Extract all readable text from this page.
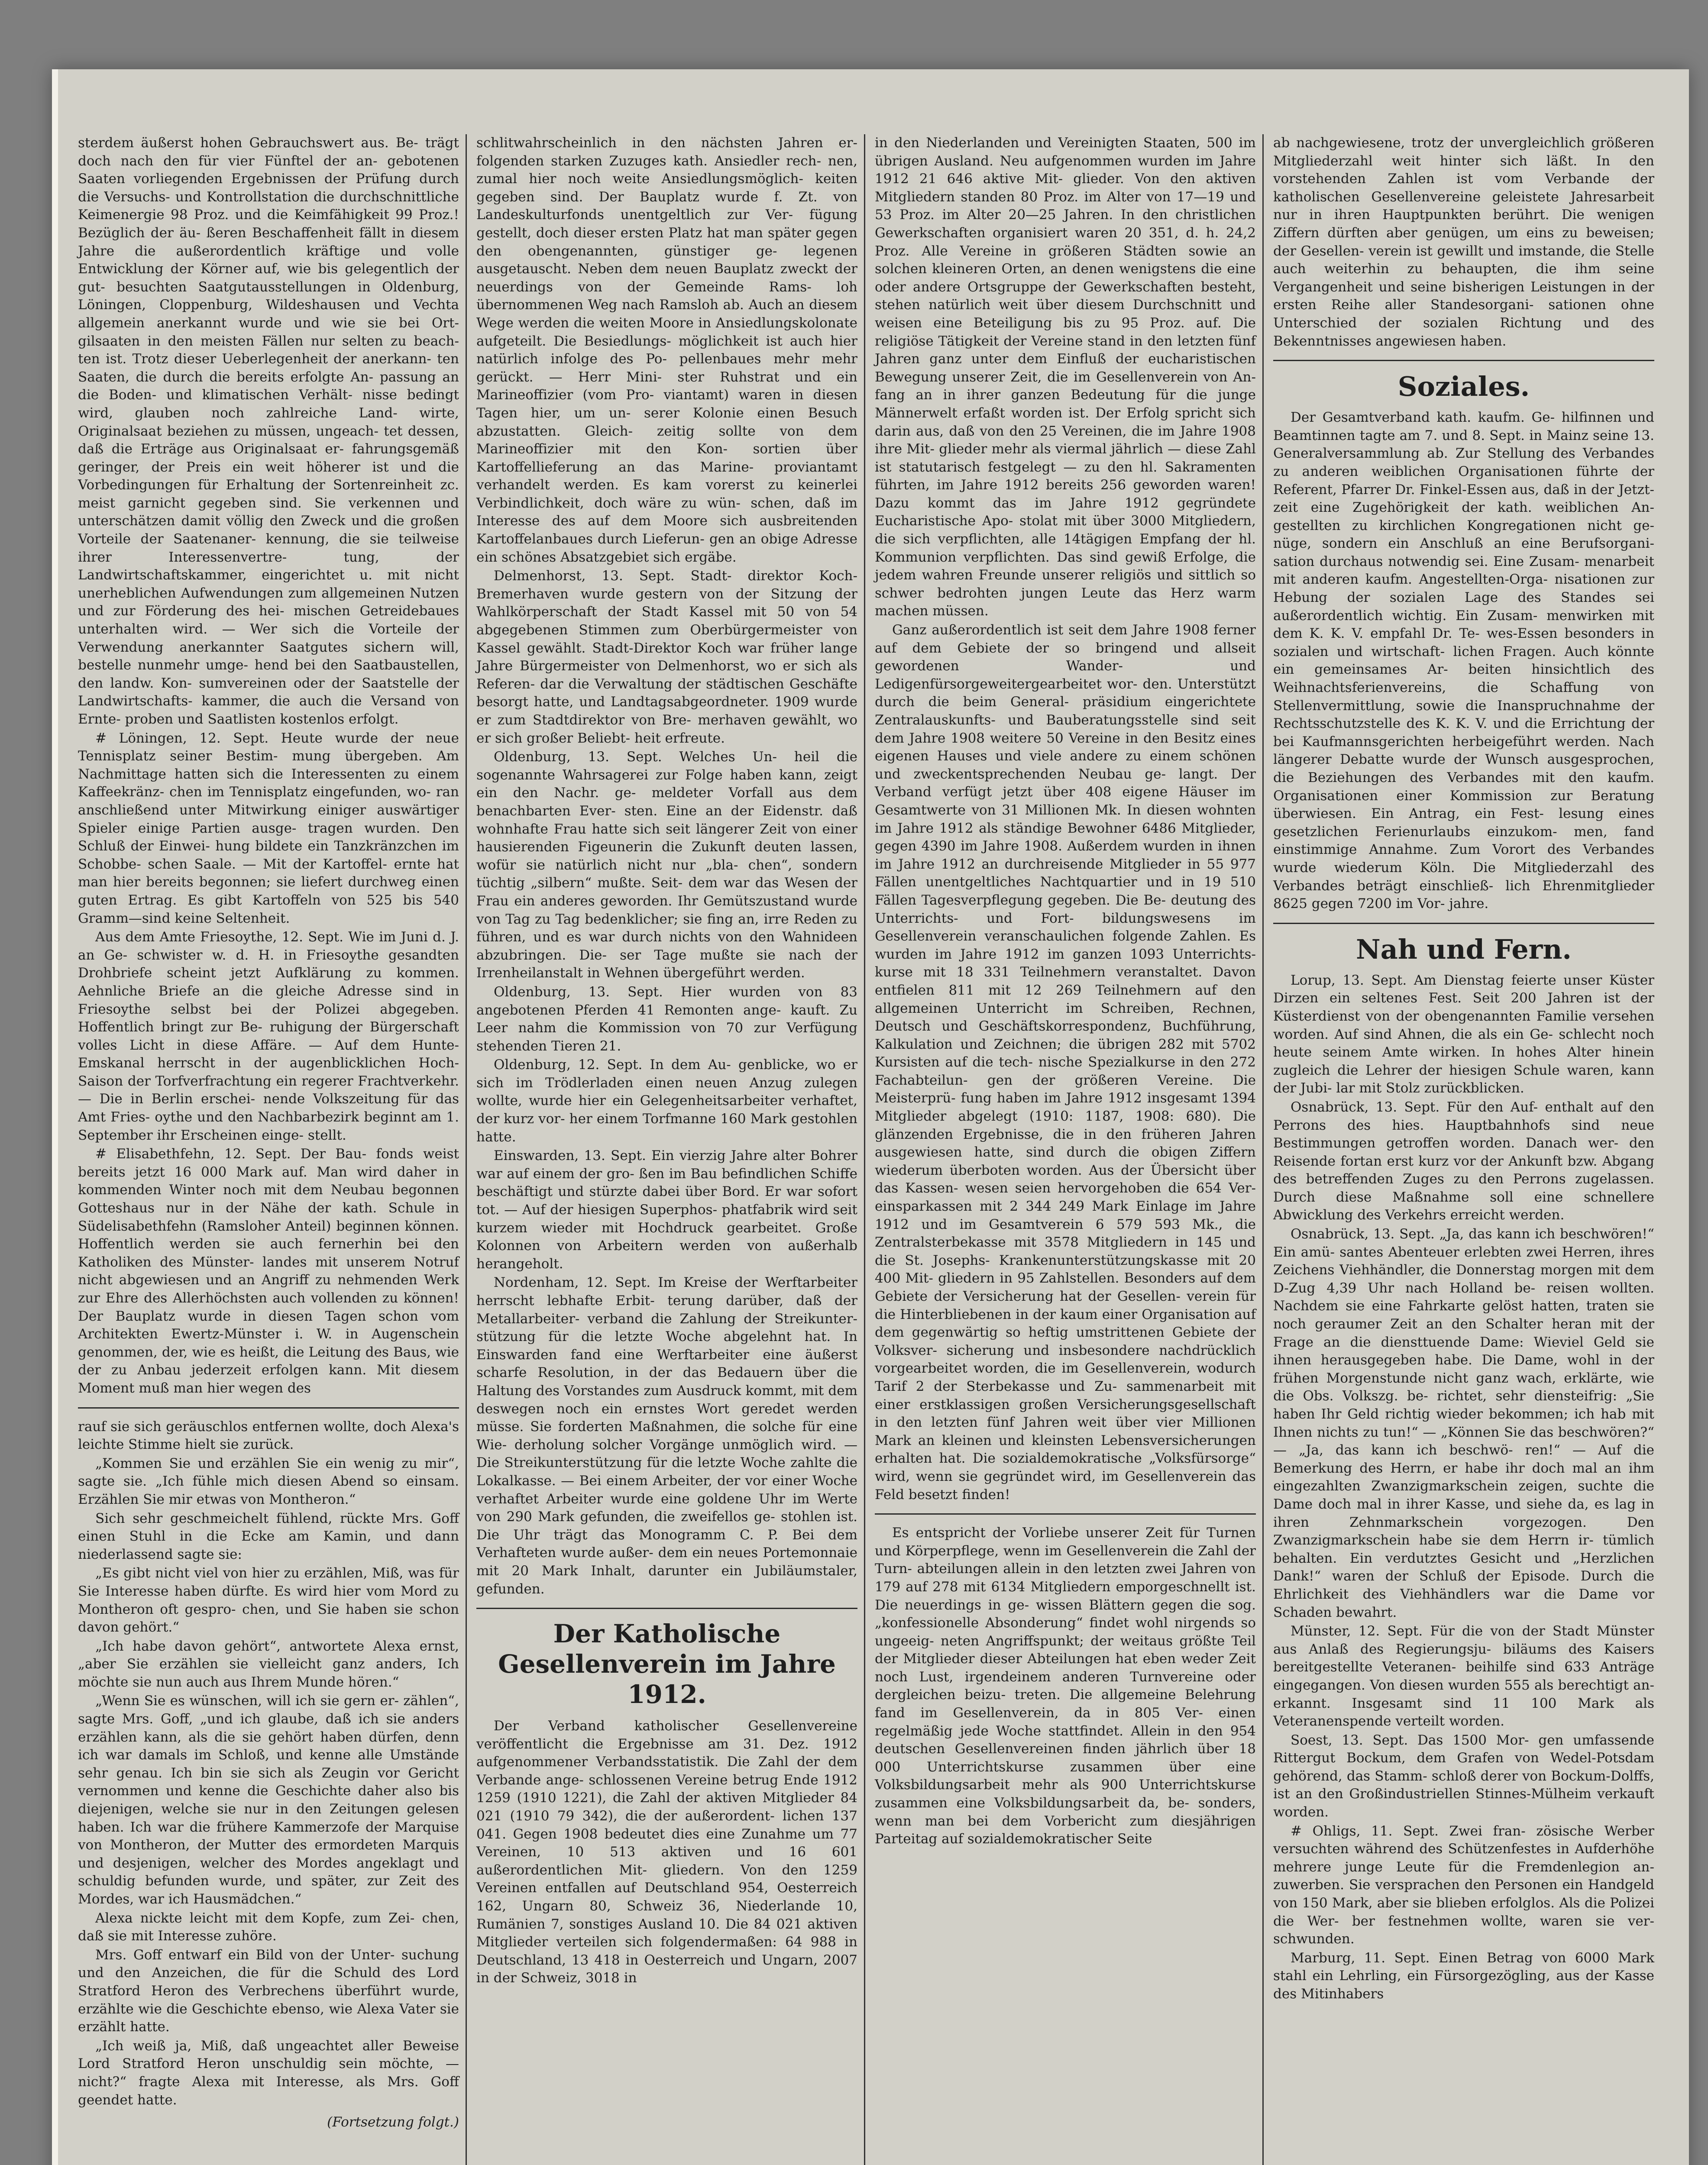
sterdem äußerst hohen Gebrauchswert aus. Be- trägt doch nach den für vier Fünftel der an- gebotenen Saaten vorliegenden Ergebnissen der Prüfung durch die Versuchs- und Kontrollstation die durchschnittliche Keimenergie 98 Proz. und die Keimfähigkeit 99 Proz.! Bezüglich der äu- ßeren Beschaffenheit fällt in diesem Jahre die außerordentlich kräftige und volle Entwicklung der Körner auf, wie bis gelegentlich der gut- besuchten Saatgutausstellungen in Oldenburg, Löningen, Cloppenburg, Wildeshausen und Vechta allgemein anerkannt wurde und wie sie bei Ort- gilsaaten in den meisten Fällen nur selten zu beach- ten ist. Trotz dieser Ueberlegenheit der anerkann- ten Saaten, die durch die bereits erfolgte An- passung an die Boden- und klimatischen Verhält- nisse bedingt wird, glauben noch zahlreiche Land- wirte, Originalsaat beziehen zu müssen, ungeach- tet dessen, daß die Erträge aus Originalsaat er- fahrungsgemäß geringer, der Preis ein weit höherer ist und die Vorbedingungen für Erhaltung der Sortenreinheit zc. meist garnicht gegeben sind. Sie verkennen und unterschätzen damit völlig den Zweck und die großen Vorteile der Saatenaner- kennung, die sie teilweise ihrer Interessenvertre- tung, der Landwirtschaftskammer, eingerichtet u. mit nicht unerheblichen Aufwendungen zum allgemeinen Nutzen und zur Förderung des hei- mischen Getreidebaues unterhalten wird. — Wer sich die Vorteile der Verwendung anerkannter Saatgutes sichern will, bestelle nunmehr umge- hend bei den Saatbaustellen, den landw. Kon- sumvereinen oder der Saatstelle der Landwirtschafts- kammer, die auch die Versand von Ernte- proben und Saatlisten kostenlos erfolgt.

# Löningen, 12. Sept. Heute wurde der neue Tennisplatz seiner Bestim- mung übergeben. Am Nachmittage hatten sich die Interessenten zu einem Kaffeekränz- chen im Tennisplatz eingefunden, wo- ran anschließend unter Mitwirkung einiger auswärtiger Spieler einige Partien ausge- tragen wurden. Den Schluß der Einwei- hung bildete ein Tanzkränzchen im Schobbe- schen Saale. — Mit der Kartoffel- ernte hat man hier bereits begonnen; sie liefert durchweg einen guten Ertrag. Es gibt Kartoffeln von 525 bis 540 Gramm—sind keine Seltenheit.

Aus dem Amte Friesoythe, 12. Sept. Wie im Juni d. J. an Ge- schwister w. d. H. in Friesoythe gesandten Drohbriefe scheint jetzt Aufklärung zu kommen. Aehnliche Briefe an die gleiche Adresse sind in Friesoythe selbst bei der Polizei abgegeben. Hoffentlich bringt zur Be- ruhigung der Bürgerschaft volles Licht in diese Affäre. — Auf dem Hunte-Emskanal herrscht in der augenblicklichen Hoch-Saison der Torfverfrachtung ein regerer Frachtverkehr. — Die in Berlin erschei- nende Volkszeitung für das Amt Fries- oythe und den Nachbarbezirk beginnt am 1. September ihr Erscheinen einge- stellt.

# Elisabethfehn, 12. Sept. Der Bau- fonds weist bereits jetzt 16 000 Mark auf. Man wird daher in kommenden Winter noch mit dem Neubau begonnen Gotteshaus nur in der Nähe der kath. Schule in Südelisabethfehn (Ramsloher Anteil) beginnen können. Hoffentlich werden sie auch fernerhin bei den Katholiken des Münster- landes mit unserem Notruf nicht abgewiesen und an Angriff zu nehmenden Werk zur Ehre des Allerhöchsten auch vollenden zu können! Der Bauplatz wurde in diesen Tagen schon vom Architekten Ewertz-Münster i. W. in Augenschein genommen, der, wie es heißt, die Leitung des Baus, wie der zu Anbau jederzeit erfolgen kann. Mit diesem Moment muß man hier wegen des

rauf sie sich geräuschlos entfernen wollte, doch Alexa's leichte Stimme hielt sie zurück.

„Kommen Sie und erzählen Sie ein wenig zu mir“, sagte sie. „Ich fühle mich diesen Abend so einsam. Erzählen Sie mir etwas von Montheron.“

Sich sehr geschmeichelt fühlend, rückte Mrs. Goff einen Stuhl in die Ecke am Kamin, und dann niederlassend sagte sie:

„Es gibt nicht viel von hier zu erzählen, Miß, was für Sie Interesse haben dürfte. Es wird hier vom Mord zu Montheron oft gespro- chen, und Sie haben sie schon davon gehört.“

„Ich habe davon gehört“, antwortete Alexa ernst, „aber Sie erzählen sie vielleicht ganz anders, Ich möchte sie nun auch aus Ihrem Munde hören.“

„Wenn Sie es wünschen, will ich sie gern er- zählen“, sagte Mrs. Goff, „und ich glaube, daß ich sie anders erzählen kann, als die sie gehört haben dürfen, denn ich war damals im Schloß, und kenne alle Umstände sehr genau. Ich bin sie sich als Zeugin vor Gericht vernommen und kenne die Geschichte daher also bis diejenigen, welche sie nur in den Zeitungen gelesen haben. Ich war die frühere Kammerzofe der Marquise von Montheron, der Mutter des ermordeten Marquis und desjenigen, welcher des Mordes angeklagt und schuldig befunden wurde, und später, zur Zeit des Mordes, war ich Hausmädchen.“

Alexa nickte leicht mit dem Kopfe, zum Zei- chen, daß sie mit Interesse zuhöre.

Mrs. Goff entwarf ein Bild von der Unter- suchung und den Anzeichen, die für die Schuld des Lord Stratford Heron des Verbrechens überführt wurde, erzählte wie die Geschichte ebenso, wie Alexa Vater sie erzählt hatte.

„Ich weiß ja, Miß, daß ungeachtet aller Beweise Lord Stratford Heron unschuldig sein möchte, — nicht?“ fragte Alexa mit Interesse, als Mrs. Goff geendet hatte.

(Fortsetzung folgt.)

schlitwahrscheinlich in den nächsten Jahren er- folgenden starken Zuzuges kath. Ansiedler rech- nen, zumal hier noch weite Ansiedlungsmöglich- keiten gegeben sind. Der Bauplatz wurde f. Zt. von Landeskulturfonds unentgeltlich zur Ver- fügung gestellt, doch dieser ersten Platz hat man später gegen den obengenannten, günstiger ge- legenen ausgetauscht. Neben dem neuen Bauplatz zweckt der neuerdings von der Gemeinde Rams- loh übernommenen Weg nach Ramsloh ab. Auch an diesem Wege werden die weiten Moore in Ansiedlungskolonate aufgeteilt. Die Besiedlungs- möglichkeit ist auch hier natürlich infolge des Po- pellenbaues mehr mehr gerückt. — Herr Mini- ster Ruhstrat und ein Marineoffizier (vom Pro- viantamt) waren in diesen Tagen hier, um un- serer Kolonie einen Besuch abzustatten. Gleich- zeitig sollte von dem Marineoffizier mit den Kon- sortien über Kartoffellieferung an das Marine- proviantamt verhandelt werden. Es kam vorerst zu keinerlei Verbindlichkeit, doch wäre zu wün- schen, daß im Interesse des auf dem Moore sich ausbreitenden Kartoffelanbaues durch Lieferun- gen an obige Adresse ein schönes Absatzgebiet sich ergäbe.

Delmenhorst, 13. Sept. Stadt- direktor Koch-Bremerhaven wurde gestern von der Sitzung der Wahlkörperschaft der Stadt Kassel mit 50 von 54 abgegebenen Stimmen zum Oberbürgermeister von Kassel gewählt. Stadt-Direktor Koch war früher lange Jahre Bürgermeister von Delmenhorst, wo er sich als Referen- dar die Verwaltung der städtischen Geschäfte besorgt hatte, und Landtagsabgeordneter. 1909 wurde er zum Stadtdirektor von Bre- merhaven gewählt, wo er sich großer Beliebt- heit erfreute.

Oldenburg, 13. Sept. Welches Un- heil die sogenannte Wahrsagerei zur Folge haben kann, zeigt ein den Nachr. ge- meldeter Vorfall aus dem benachbarten Ever- sten. Eine an der Eidenstr. daß wohnhafte Frau hatte sich seit längerer Zeit von einer hausierenden Figeunerin die Zukunft deuten lassen, wofür sie natürlich nicht nur „bla- chen“, sondern tüchtig „silbern“ mußte. Seit- dem war das Wesen der Frau ein anderes geworden. Ihr Gemütszustand wurde von Tag zu Tag bedenklicher; sie fing an, irre Reden zu führen, und es war durch nichts von den Wahnideen abzubringen. Die- ser Tage mußte sie nach der Irrenheilanstalt in Wehnen übergeführt werden.

Oldenburg, 13. Sept. Hier wurden von 83 angebotenen Pferden 41 Remonten ange- kauft. Zu Leer nahm die Kommission von 70 zur Verfügung stehenden Tieren 21.

Oldenburg, 12. Sept. In dem Au- genblicke, wo er sich im Trödlerladen einen neuen Anzug zulegen wollte, wurde hier ein Gelegenheitsarbeiter verhaftet, der kurz vor- her einem Torfmanne 160 Mark gestohlen hatte.

Einswarden, 13. Sept. Ein vierzig Jahre alter Bohrer war auf einem der gro- ßen im Bau befindlichen Schiffe beschäftigt und stürzte dabei über Bord. Er war sofort tot. — Auf der hiesigen Superphos- phatfabrik wird seit kurzem wieder mit Hochdruck gearbeitet. Große Kolonnen von Arbeitern werden von außerhalb herangeholt.

Nordenham, 12. Sept. Im Kreise der Werftarbeiter herrscht lebhafte Erbit- terung darüber, daß der Metallarbeiter- verband die Zahlung der Streikunter- stützung für die letzte Woche abgelehnt hat. In Einswarden fand eine Werftarbeiter eine äußerst scharfe Resolution, in der das Bedauern über die Haltung des Vorstandes zum Ausdruck kommt, mit dem deswegen noch ein ernstes Wort geredet werden müsse. Sie forderten Maßnahmen, die solche für eine Wie- derholung solcher Vorgänge unmöglich wird. — Die Streikunterstützung für die letzte Woche zahlte die Lokalkasse. — Bei einem Arbeiter, der vor einer Woche verhaftet Arbeiter wurde eine goldene Uhr im Werte von 290 Mark gefunden, die zweifellos ge- stohlen ist. Die Uhr trägt das Monogramm C. P. Bei dem Verhafteten wurde außer- dem ein neues Portemonnaie mit 20 Mark Inhalt, darunter ein Jubiläumstaler, gefunden.

Der Katholische Gesellenverein im Jahre 1912.

Der Verband katholischer Gesellenvereine veröffentlicht die Ergebnisse am 31. Dez. 1912 aufgenommener Verbandsstatistik. Die Zahl der dem Verbande ange- schlossenen Vereine betrug Ende 1912 1259 (1910 1221), die Zahl der aktiven Mitglieder 84 021 (1910 79 342), die der außerordent- lichen 137 041. Gegen 1908 bedeutet dies eine Zunahme um 77 Vereinen, 10 513 aktiven und 16 601 außerordentlichen Mit- gliedern. Von den 1259 Vereinen entfallen auf Deutschland 954, Oesterreich 162, Ungarn 80, Schweiz 36, Niederlande 10, Rumänien 7, sonstiges Ausland 10. Die 84 021 aktiven Mitglieder verteilen sich folgendermaßen: 64 988 in Deutschland, 13 418 in Oesterreich und Ungarn, 2007 in der Schweiz, 3018 in

in den Niederlanden und Vereinigten Staaten, 500 im übrigen Ausland. Neu aufgenommen wurden im Jahre 1912 21 646 aktive Mit- glieder. Von den aktiven Mitgliedern standen 80 Proz. im Alter von 17—19 und 53 Proz. im Alter 20—25 Jahren. In den christlichen Gewerkschaften organisiert waren 20 351, d. h. 24,2 Proz. Alle Vereine in größeren Städten sowie an solchen kleineren Orten, an denen wenigstens die eine oder andere Ortsgruppe der Gewerkschaften besteht, stehen natürlich weit über diesem Durchschnitt und weisen eine Beteiligung bis zu 95 Proz. auf. Die religiöse Tätigkeit der Vereine stand in den letzten fünf Jahren ganz unter dem Einfluß der eucharistischen Bewegung unserer Zeit, die im Gesellenverein von An- fang an in ihrer ganzen Bedeutung für die junge Männerwelt erfaßt worden ist. Der Erfolg spricht sich darin aus, daß von den 25 Vereinen, die im Jahre 1908 ihre Mit- glieder mehr als viermal jährlich — diese Zahl ist statutarisch festgelegt — zu den hl. Sakramenten führten, im Jahre 1912 bereits 256 geworden waren! Dazu kommt das im Jahre 1912 gegründete Eucharistische Apo- stolat mit über 3000 Mitgliedern, die sich verpflichten, alle 14tägigen Empfang der hl. Kommunion verpflichten. Das sind gewiß Erfolge, die jedem wahren Freunde unserer religiös und sittlich so schwer bedrohten jungen Leute das Herz warm machen müssen.

Ganz außerordentlich ist seit dem Jahre 1908 ferner auf dem Gebiete der so bringend und allseit gewordenen Wander- und Ledigenfürsorgeweitergearbeitet wor- den. Unterstützt durch die beim General- präsidium eingerichtete Zentralauskunfts- und Bauberatungsstelle sind seit dem Jahre 1908 weitere 50 Vereine in den Besitz eines eigenen Hauses und viele andere zu einem schönen und zweckentsprechenden Neubau ge- langt. Der Verband verfügt jetzt über 408 eigene Häuser im Gesamtwerte von 31 Millionen Mk. In diesen wohnten im Jahre 1912 als ständige Bewohner 6486 Mitglieder, gegen 4390 im Jahre 1908. Außerdem wurden in ihnen im Jahre 1912 an durchreisende Mitglieder in 55 977 Fällen unentgeltliches Nachtquartier und in 19 510 Fällen Tagesverpflegung gegeben. Die Be- deutung des Unterrichts- und Fort- bildungswesens im Gesellenverein veranschaulichen folgende Zahlen. Es wurden im Jahre 1912 im ganzen 1093 Unterrichts- kurse mit 18 331 Teilnehmern veranstaltet. Davon entfielen 811 mit 12 269 Teilnehmern auf den allgemeinen Unterricht im Schreiben, Rechnen, Deutsch und Geschäftskorrespondenz, Buchführung, Kalkulation und Zeichnen; die übrigen 282 mit 5702 Kursisten auf die tech- nische Spezialkurse in den 272 Fachabteilun- gen der größeren Vereine. Die Meisterprü- fung haben im Jahre 1912 insgesamt 1394 Mitglieder abgelegt (1910: 1187, 1908: 680). Die glänzenden Ergebnisse, die in den früheren Jahren ausgewiesen hatte, sind durch die obigen Ziffern wiederum überboten worden. Aus der Übersicht über das Kassen- wesen seien hervorgehoben die 654 Ver- einsparkassen mit 2 344 249 Mark Einlage im Jahre 1912 und im Gesamtverein 6 579 593 Mk., die Zentralsterbekasse mit 3578 Mitgliedern in 145 und die St. Josephs- Krankenunterstützungskasse mit 20 400 Mit- gliedern in 95 Zahlstellen. Besonders auf dem Gebiete der Versicherung hat der Gesellen- verein für die Hinterbliebenen in der kaum einer Organisation auf dem gegenwärtig so heftig umstrittenen Gebiete der Volksver- sicherung und insbesondere nachdrücklich vorgearbeitet worden, die im Gesellenverein, wodurch Tarif 2 der Sterbekasse und Zu- sammenarbeit mit einer erstklassigen großen Versicherungsgesellschaft in den letzten fünf Jahren weit über vier Millionen Mark an kleinen und kleinsten Lebensversicherungen erhalten hat. Die sozialdemokratische „Volksfürsorge“ wird, wenn sie gegründet wird, im Gesellenverein das Feld besetzt finden!

Es entspricht der Vorliebe unserer Zeit für Turnen und Körperpflege, wenn im Gesellenverein die Zahl der Turn- abteilungen allein in den letzten zwei Jahren von 179 auf 278 mit 6134 Mitgliedern emporgeschnellt ist. Die neuerdings in ge- wissen Blättern gegen die sog. „konfessionelle Absonderung“ findet wohl nirgends so ungeeig- neten Angriffspunkt; der weitaus größte Teil der Mitglieder dieser Abteilungen hat eben weder Zeit noch Lust, irgendeinem anderen Turnvereine oder dergleichen beizu- treten. Die allgemeine Belehrung fand im Gesellenverein, da in 805 Ver- einen regelmäßig jede Woche stattfindet. Allein in den 954 deutschen Gesellenvereinen finden jährlich über 18 000 Unterrichtskurse zusammen über eine Volksbildungsarbeit mehr als 900 Unterrichtskurse zusammen eine Volksbildungsarbeit da, be- sonders, wenn man bei dem Vorbericht zum diesjährigen Parteitag auf sozialdemokratischer Seite

ab nachgewiesene, trotz der unvergleichlich größeren Mitgliederzahl weit hinter sich läßt. In den vorstehenden Zahlen ist vom Verbande der katholischen Gesellenvereine geleistete Jahresarbeit nur in ihren Hauptpunkten berührt. Die wenigen Ziffern dürften aber genügen, um eins zu beweisen; der Gesellen- verein ist gewillt und imstande, die Stelle auch weiterhin zu behaupten, die ihm seine Vergangenheit und seine bisherigen Leistungen in der ersten Reihe aller Standesorgani- sationen ohne Unterschied der sozialen Richtung und des Bekenntnisses angewiesen haben.

Soziales.

Der Gesamtverband kath. kaufm. Ge- hilfinnen und Beamtinnen tagte am 7. und 8. Sept. in Mainz seine 13. Generalversammlung ab. Zur Stellung des Verbandes zu anderen weiblichen Organisationen führte der Referent, Pfarrer Dr. Finkel-Essen aus, daß in der Jetzt- zeit eine Zugehörigkeit der kath. weiblichen An- gestellten zu kirchlichen Kongregationen nicht ge- nüge, sondern ein Anschluß an eine Berufsorgani- sation durchaus notwendig sei. Eine Zusam- menarbeit mit anderen kaufm. Angestellten-Orga- nisationen zur Hebung der sozialen Lage des Standes sei außerordentlich wichtig. Ein Zusam- menwirken mit dem K. K. V. empfahl Dr. Te- wes-Essen besonders in sozialen und wirtschaft- lichen Fragen. Auch könnte ein gemeinsames Ar- beiten hinsichtlich des Weihnachtsferienvereins, die Schaffung von Stellenvermittlung, sowie die Inanspruchnahme der Rechtsschutzstelle des K. K. V. und die Errichtung der bei Kaufmannsgerichten herbeigeführt werden. Nach längerer Debatte wurde der Wunsch ausgesprochen, die Beziehungen des Verbandes mit den kaufm. Organisationen einer Kommission zur Beratung überwiesen. Ein Antrag, ein Fest- lesung eines gesetzlichen Ferienurlaubs einzukom- men, fand einstimmige Annahme. Zum Vorort des Verbandes wurde wiederum Köln. Die Mitgliederzahl des Verbandes beträgt einschließ- lich Ehrenmitglieder 8625 gegen 7200 im Vor- jahre.

Nah und Fern.

Lorup, 13. Sept. Am Dienstag feierte unser Küster Dirzen ein seltenes Fest. Seit 200 Jahren ist der Küsterdienst von der obengenannten Familie versehen worden. Auf sind Ahnen, die als ein Ge- schlecht noch heute seinem Amte wirken. In hohes Alter hinein zugleich die Lehrer der hiesigen Schule waren, kann der Jubi- lar mit Stolz zurückblicken.

Osnabrück, 13. Sept. Für den Auf- enthalt auf den Perrons des hies. Hauptbahnhofs sind neue Bestimmungen getroffen worden. Danach wer- den Reisende fortan erst kurz vor der Ankunft bzw. Abgang des betreffenden Zuges zu den Perrons zugelassen. Durch diese Maßnahme soll eine schnellere Abwicklung des Verkehrs erreicht werden.

Osnabrück, 13. Sept. „Ja, das kann ich beschwören!“ Ein amü- santes Abenteuer erlebten zwei Herren, ihres Zeichens Viehhändler, die Donnerstag morgen mit dem D-Zug 4,39 Uhr nach Holland be- reisen wollten. Nachdem sie eine Fahrkarte gelöst hatten, traten sie noch geraumer Zeit an den Schalter heran mit der Frage an die diensttuende Dame: Wieviel Geld sie ihnen herausgegeben habe. Die Dame, wohl in der frühen Morgenstunde nicht ganz wach, erklärte, wie die Obs. Volkszg. be- richtet, sehr diensteifrig: „Sie haben Ihr Geld richtig wieder bekommen; ich hab mit Ihnen nichts zu tun!“ — „Können Sie das beschwören?“ — „Ja, das kann ich beschwö- ren!“ — Auf die Bemerkung des Herrn, er habe ihr doch mal an ihm eingezahlten Zwanzigmarkschein zeigen, suchte die Dame doch mal in ihrer Kasse, und siehe da, es lag in ihren Zehnmarkschein vorgezogen. Den Zwanzigmarkschein habe sie dem Herrn ir- tümlich behalten. Ein verdutztes Gesicht und „Herzlichen Dank!“ waren der Schluß der Episode. Durch die Ehrlichkeit des Viehhändlers war die Dame vor Schaden bewahrt.

Münster, 12. Sept. Für die von der Stadt Münster aus Anlaß des Regierungsju- biläums des Kaisers bereitgestellte Veteranen- beihilfe sind 633 Anträge eingegangen. Von diesen wurden 555 als berechtigt an- erkannt. Insgesamt sind 11 100 Mark als Veteranenspende verteilt worden.

Soest, 13. Sept. Das 1500 Mor- gen umfassende Rittergut Bockum, dem Grafen von Wedel-Potsdam gehörend, das Stamm- schloß derer von Bockum-Dolffs, ist an den Großindustriellen Stinnes-Mülheim verkauft worden.

# Ohligs, 11. Sept. Zwei fran- zösische Werber versuchten während des Schützenfestes in Aufderhöhe mehrere junge Leute für die Fremdenlegion an- zuwerben. Sie versprachen den Personen ein Handgeld von 150 Mark, aber sie blieben erfolglos. Als die Polizei die Wer- ber festnehmen wollte, waren sie ver- schwunden.

Marburg, 11. Sept. Einen Betrag von 6000 Mark stahl ein Lehrling, ein Fürsorgezögling, aus der Kasse des Mitinhabers
